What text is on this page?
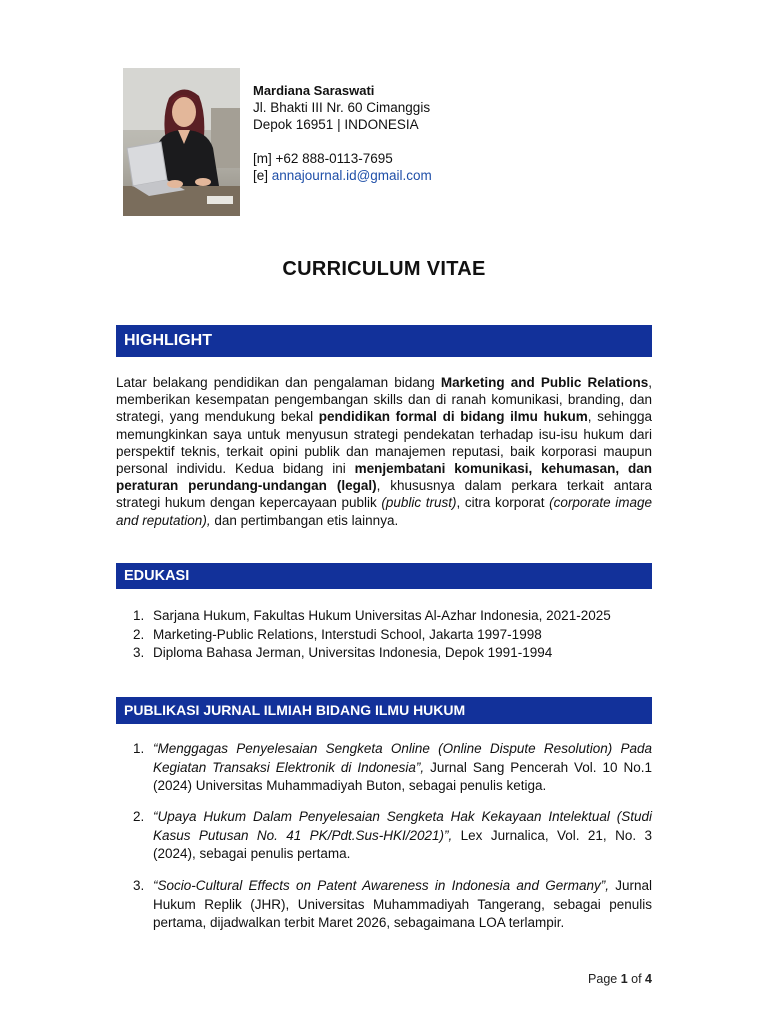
Mardiana Saraswati
Jl. Bhakti III Nr. 60 Cimanggis
Depok 16951 | INDONESIA
[m] +62 888-0113-7695
[e] annajournal.id@gmail.com
CURRICULUM VITAE
HIGHLIGHT

Latar belakang pendidikan dan pengalaman bidang Marketing and Public Relations, memberikan kesempatan pengembangan skills dan di ranah komunikasi, branding, dan strategi, yang mendukung bekal pendidikan formal di bidang ilmu hukum, sehingga memungkinkan saya untuk menyusun strategi pendekatan terhadap isu-isu hukum dari perspektif teknis, terkait opini publik dan manajemen reputasi, baik korporasi maupun personal individu. Kedua bidang ini menjembatani komunikasi, kehumasan, dan peraturan perundang-undangan (legal), khususnya dalam perkara terkait antara strategi hukum dengan kepercayaan publik (public trust), citra korporat (corporate image and reputation), dan pertimbangan etis lainnya.

EDUKASI
1. Sarjana Hukum, Fakultas Hukum Universitas Al-Azhar Indonesia, 2021-2025
2. Marketing-Public Relations, Interstudi School, Jakarta 1997-1998
3. Diploma Bahasa Jerman, Universitas Indonesia, Depok 1991-1994
PUBLIKASI JURNAL ILMIAH BIDANG ILMU HUKUM
1. “Menggagas Penyelesaian Sengketa Online (Online Dispute Resolution) Pada Kegiatan Transaksi Elektronik di Indonesia”, Jurnal Sang Pencerah Vol. 10 No.1 (2024) Universitas Muhammadiyah Buton, sebagai penulis ketiga.
2. “Upaya Hukum Dalam Penyelesaian Sengketa Hak Kekayaan Intelektual (Studi Kasus Putusan No. 41 PK/Pdt.Sus-HKI/2021)”, Lex Jurnalica, Vol. 21, No. 3 (2024), sebagai penulis pertama.
3. “Socio-Cultural Effects on Patent Awareness in Indonesia and Germany”, Jurnal Hukum Replik (JHR), Universitas Muhammadiyah Tangerang, sebagai penulis pertama, dijadwalkan terbit Maret 2026, sebagaimana LOA terlampir.
Page 1 of 4
